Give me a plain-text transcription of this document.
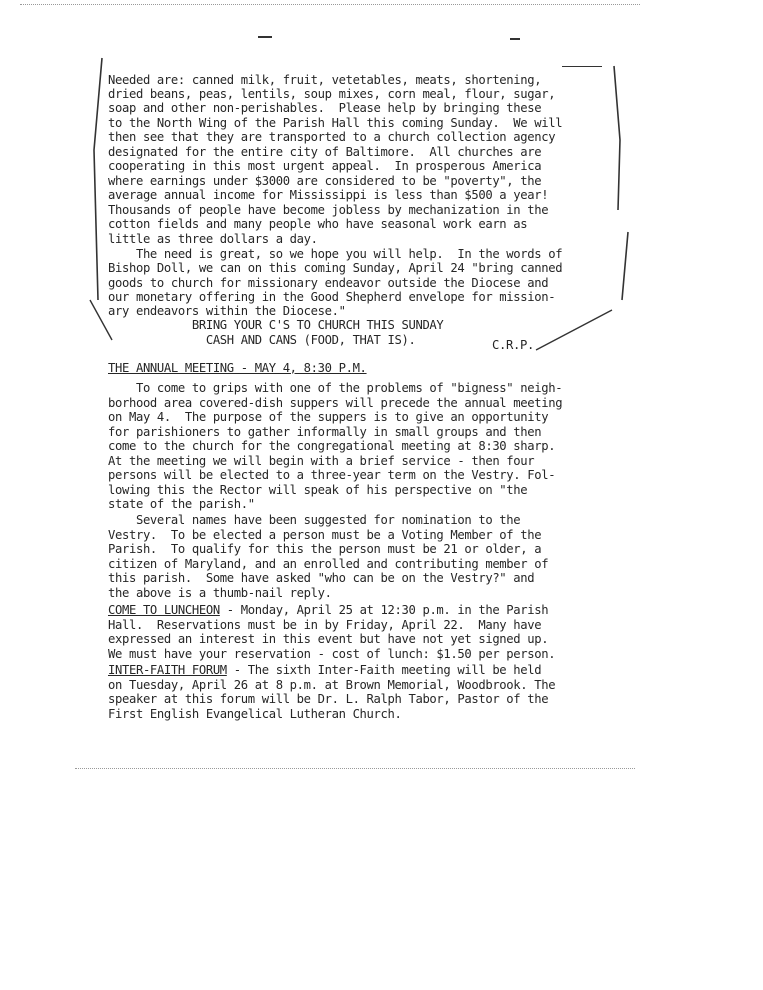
Needed are: canned milk, fruit, vetetables, meats, shortening,
dried beans, peas, lentils, soup mixes, corn meal, flour, sugar,
soap and other non-perishables.  Please help by bringing these
to the North Wing of the Parish Hall this coming Sunday.  We will
then see that they are transported to a church collection agency
designated for the entire city of Baltimore.  All churches are
cooperating in this most urgent appeal.  In prosperous America
where earnings under $3000 are considered to be "poverty", the
average annual income for Mississippi is less than $500 a year!
Thousands of people have become jobless by mechanization in the
cotton fields and many people who have seasonal work earn as
little as three dollars a day.
The need is great, so we hope you will help.  In the words of
Bishop Doll, we can on this coming Sunday, April 24 "bring canned
goods to church for missionary endeavor outside the Diocese and
our monetary offering in the Good Shepherd envelope for mission-
ary endeavors within the Diocese."
BRING YOUR C'S TO CHURCH THIS SUNDAY
CASH AND CANS (FOOD, THAT IS).	C.R.P.
THE ANNUAL MEETING - MAY 4, 8:30 P.M.
To come to grips with one of the problems of "bigness" neigh-
borhood area covered-dish suppers will precede the annual meeting
on May 4.  The purpose of the suppers is to give an opportunity
for parishioners to gather informally in small groups and then
come to the church for the congregational meeting at 8:30 sharp.
At the meeting we will begin with a brief service - then four
persons will be elected to a three-year term on the Vestry. Fol-
lowing this the Rector will speak of his perspective on "the
state of the parish."
Several names have been suggested for nomination to the
Vestry.  To be elected a person must be a Voting Member of the
Parish.  To qualify for this the person must be 21 or older, a
citizen of Maryland, and an enrolled and contributing member of
this parish.  Some have asked "who can be on the Vestry?" and
the above is a thumb-nail reply.
COME TO LUNCHEON - Monday, April 25 at 12:30 p.m. in the Parish
Hall.  Reservations must be in by Friday, April 22.  Many have
expressed an interest in this event but have not yet signed up.
We must have your reservation - cost of lunch: $1.50 per person.
INTER-FAITH FORUM - The sixth Inter-Faith meeting will be held
on Tuesday, April 26 at 8 p.m. at Brown Memorial, Woodbrook. The
speaker at this forum will be Dr. L. Ralph Tabor, Pastor of the
First English Evangelical Lutheran Church.
